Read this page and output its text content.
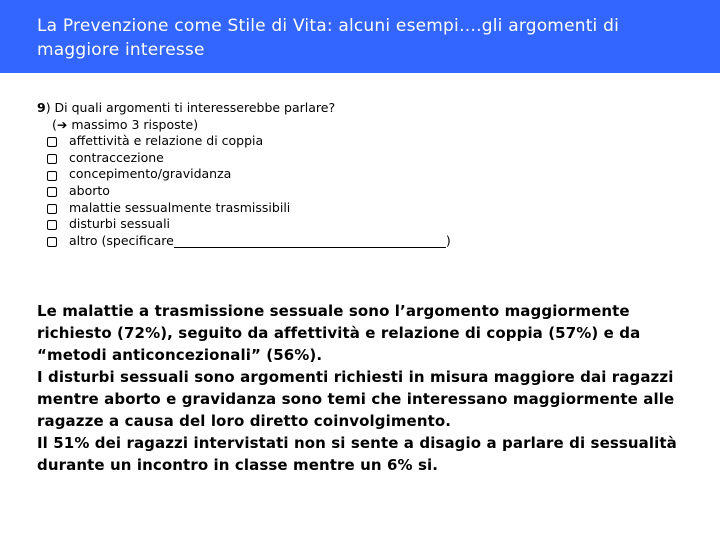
La Prevenzione come Stile di Vita: alcuni esempi….gli argomenti di maggiore interesse
9) Di quali argomenti ti interesserebbe parlare?
(➔ massimo 3 risposte)
affettività e relazione di coppia
contraccezione
concepimento/gravidanza
aborto
malattie sessualmente trasmissibili
disturbi sessuali
altro (specificare	)

Le malattie a trasmissione sessuale sono l’argomento maggiormente richiesto (72%), seguito da affettività e relazione di coppia (57%) e da “metodi anticoncezionali” (56%).

I disturbi sessuali sono argomenti richiesti in misura maggiore dai ragazzi mentre aborto e gravidanza sono temi che interessano maggiormente alle ragazze a causa del loro diretto coinvolgimento.

Il 51% dei ragazzi intervistati non si sente a disagio a parlare di sessualità durante un incontro in classe mentre un 6% si.
